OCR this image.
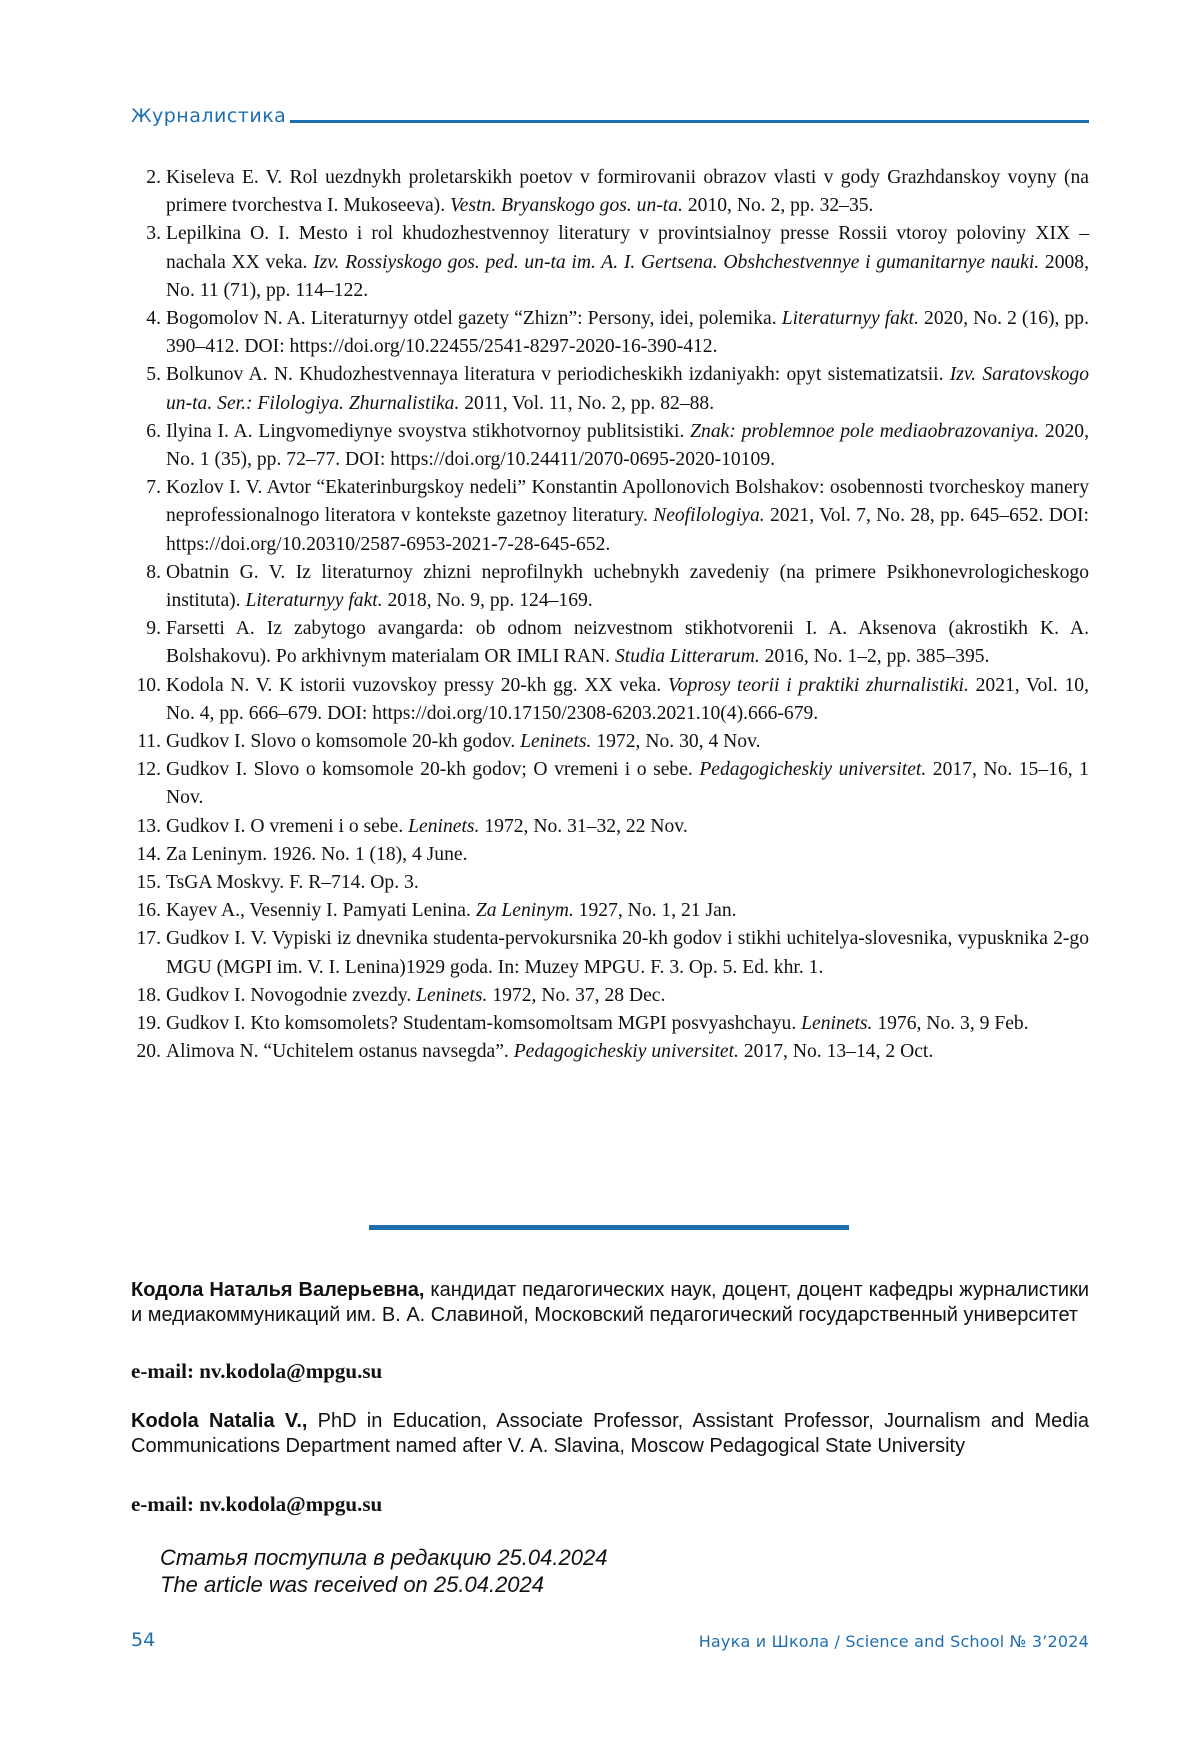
Журналистика
2. Kiseleva E. V. Rol uezdnykh proletarskikh poetov v formirovanii obrazov vlasti v gody Grazhdanskoy voyny (na primere tvorchestva I. Mukoseeva). Vestn. Bryanskogo gos. un-ta. 2010, No. 2, pp. 32–35.
3. Lepilkina O. I. Mesto i rol khudozhestvennoy literatury v provintsialnoy presse Rossii vtoroy poloviny XIX – nachala XX veka. Izv. Rossiyskogo gos. ped. un-ta im. A. I. Gertsena. Obshchestvennye i gumanitarnye nauki. 2008, No. 11 (71), pp. 114–122.
4. Bogomolov N. A. Literaturnyy otdel gazety “Zhizn”: Persony, idei, polemika. Literaturnyy fakt. 2020, No. 2 (16), pp. 390–412. DOI: https://doi.org/10.22455/2541-8297-2020-16-390-412.
5. Bolkunov A. N. Khudozhestvennaya literatura v periodicheskikh izdaniyakh: opyt sistematizatsii. Izv. Saratovskogo un-ta. Ser.: Filologiya. Zhurnalistika. 2011, Vol. 11, No. 2, pp. 82–88.
6. Ilyina I. A. Lingvomediynye svoystva stikhotvornoy publitsistiki. Znak: problemnoe pole mediaobrazovaniya. 2020, No. 1 (35), pp. 72–77. DOI: https://doi.org/10.24411/2070-0695-2020-10109.
7. Kozlov I. V. Avtor “Ekaterinburgskoy nedeli” Konstantin Apollonovich Bolshakov: osobennosti tvorcheskoy manery neprofessionalnogo literatora v kontekste gazetnoy literatury. Neofilologiya. 2021, Vol. 7, No. 28, pp. 645–652. DOI: https://doi.org/10.20310/2587-6953-2021-7-28-645-652.
8. Obatnin G. V. Iz literaturnoy zhizni neprofilnykh uchebnykh zavedeniy (na primere Psikhonevrologicheskogo instituta). Literaturnyy fakt. 2018, No. 9, pp. 124–169.
9. Farsetti A. Iz zabytogo avangarda: ob odnom neizvestnom stikhotvorenii I. A. Aksenova (akrostikh K. A. Bolshakovu). Po arkhivnym materialam OR IMLI RAN. Studia Litterarum. 2016, No. 1–2, pp. 385–395.
10. Kodola N. V. K istorii vuzovskoy pressy 20-kh gg. XX veka. Voprosy teorii i praktiki zhurnalistiki. 2021, Vol. 10, No. 4, pp. 666–679. DOI: https://doi.org/10.17150/2308-6203.2021.10(4).666-679.
11. Gudkov I. Slovo o komsomole 20-kh godov. Leninets. 1972, No. 30, 4 Nov.
12. Gudkov I. Slovo o komsomole 20-kh godov; O vremeni i o sebe. Pedagogicheskiy universitet. 2017, No. 15–16, 1 Nov.
13. Gudkov I. O vremeni i o sebe. Leninets. 1972, No. 31–32, 22 Nov.
14. Za Leninym. 1926. No. 1 (18), 4 June.
15. TsGA Moskvy. F. R–714. Op. 3.
16. Kayev A., Vesenniy I. Pamyati Lenina. Za Leninym. 1927, No. 1, 21 Jan.
17. Gudkov I. V. Vypiski iz dnevnika studenta-pervokursnika 20-kh godov i stikhi uchitelya-slovesnika, vypusknika 2-go MGU (MGPI im. V. I. Lenina)1929 goda. In: Muzey MPGU. F. 3. Op. 5. Ed. khr. 1.
18. Gudkov I. Novogodnie zvezdy. Leninets. 1972, No. 37, 28 Dec.
19. Gudkov I. Kto komsomolets? Studentam-komsomoltsam MGPI posvyashchayu. Leninets. 1976, No. 3, 9 Feb.
20. Alimova N. “Uchitelem ostanus navsegda”. Pedagogicheskiy universitet. 2017, No. 13–14, 2 Oct.
Кодола Наталья Валерьевна, кандидат педагогических наук, доцент, доцент кафедры журналистики и медиакоммуникаций им. В. А. Славиной, Московский педагогический государственный университет
e-mail: nv.kodola@mpgu.su
Kodola Natalia V., PhD in Education, Associate Professor, Assistant Professor, Journalism and Media Communications Department named after V. A. Slavina, Moscow Pedagogical State University
e-mail: nv.kodola@mpgu.su
Статья поступила в редакцию 25.04.2024
The article was received on 25.04.2024
54	Наука и Школа / Science and School № 3’2024
